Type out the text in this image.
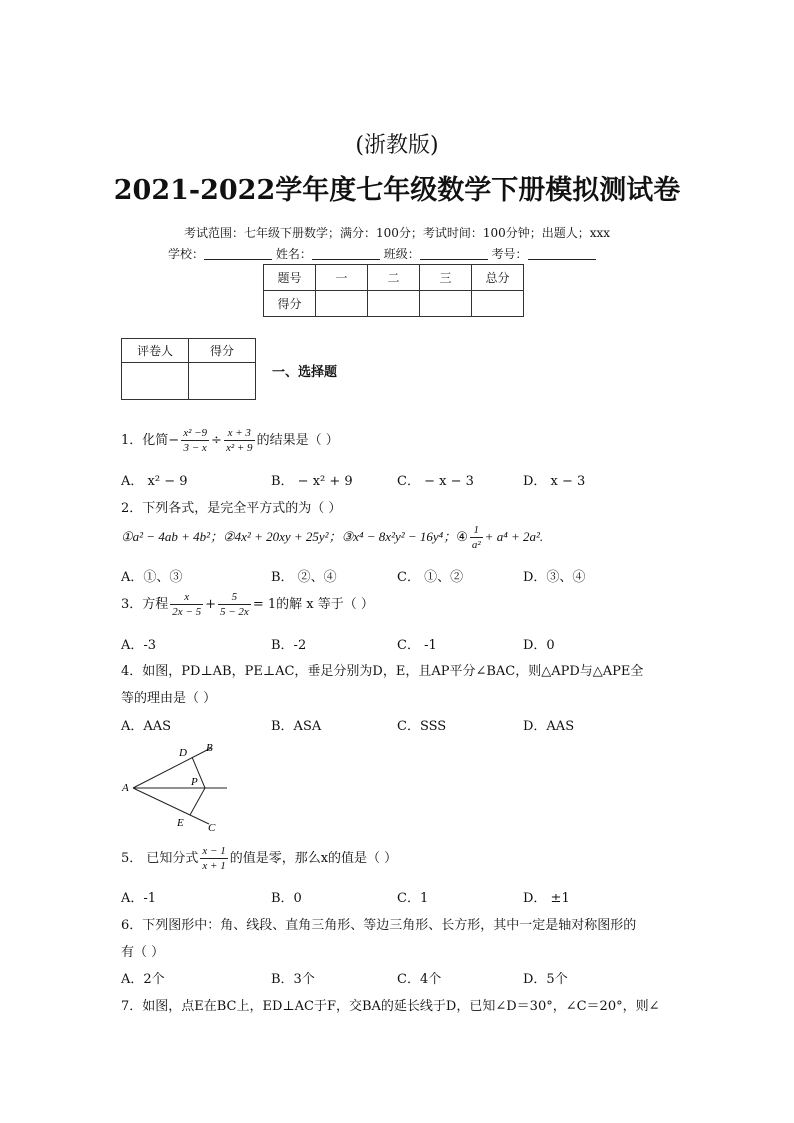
(浙教版)
2021-2022学年度七年级数学下册模拟测试卷
考试范围：七年级下册数学；满分：100分；考试时间：100分钟；出题人；xxx
学校：	姓名：	班级：	考号：
题号	一	二	三	总分
得分				
评卷人	得分

一、选择题
1．化简− $\frac{\text{x² −9}}{3 - x} \div \frac{x + 3}{\text{x² + 9}}$ 的结果是（ ）
A． x² − 9	B． − x² + 9	C． − x − 3	D． x − 3
2．下列各式，是完全平方式的为（ ）
①a² − 4ab + 4b²；②4x² + 20xy + 25y²；③x⁴ − 8x²y² − 16y⁴；④ $\frac{1}{\text{a²}} + a^4 + 2a^2$.
A．①、③	B． ②、④	C． ①、②	D．③、④
3．方程 $\frac{x}{2x - 5} + \frac{5}{5 - 2x} = 1$的解 x 等于（ ）
A．-3	B．-2	C． -1	D．0
4．如图，PD⊥AB，PE⊥AC，垂足分别为D，E，且AP平分∠BAC，则△APD与△APE全
等的理由是（ ）
A．AAS	B．ASA	C．SSS	D．AAS
A
B
C
D
E
P
5． 已知分式 $\frac{x - 1}{x + 1}$ 的值是零，那么x的值是（ ）
A．-1	B．0	C．1	D． ±1
6．下列图形中：角、线段、直角三角形、等边三角形、长方形，其中一定是轴对称图形的
有（ ）
A．2个	B．3个	C．4个	D．5个
7．如图，点E在BC上，ED⊥AC于F，交BA的延长线于D，已知∠D＝30°，∠C＝20°，则∠
